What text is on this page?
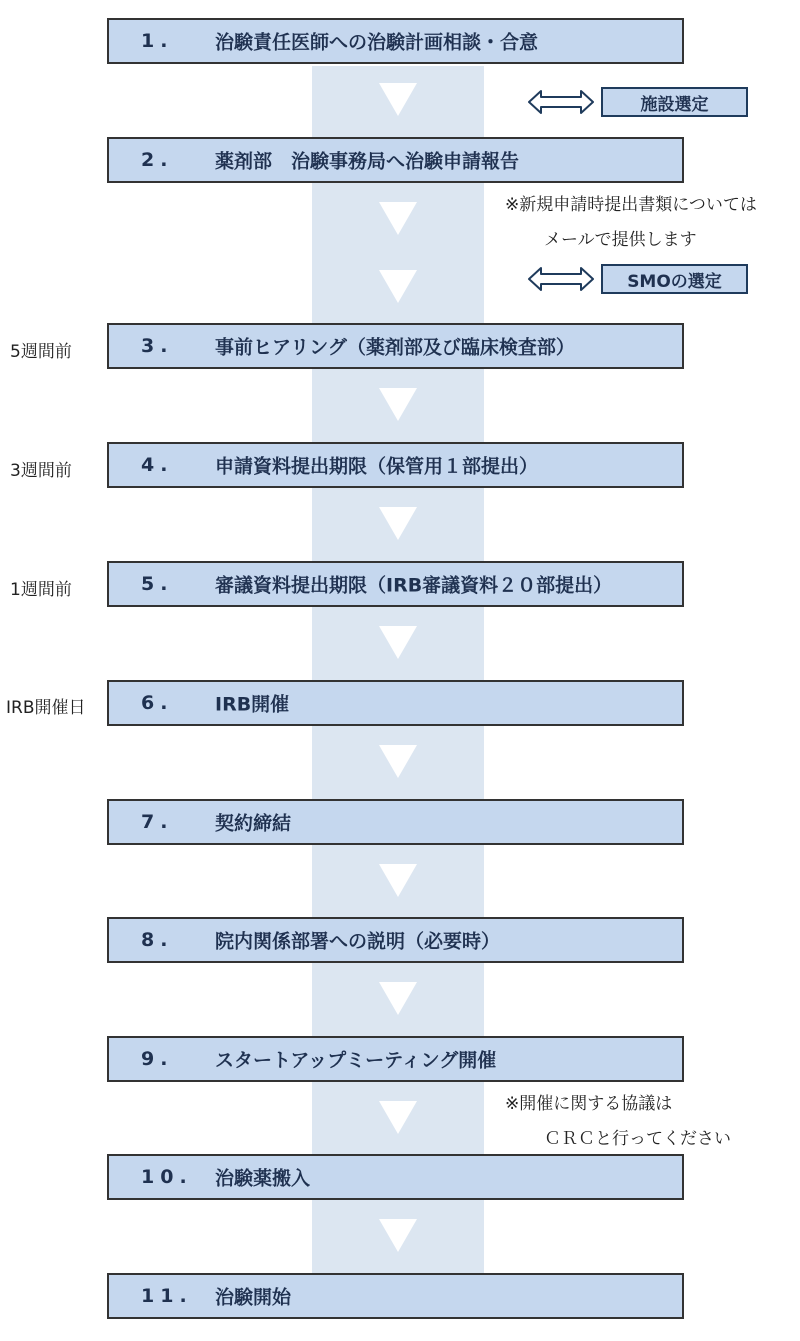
1. 治験責任医師への治験計画相談・合意
2. 薬剤部　治験事務局へ治験申請報告
3. 事前ヒアリング（薬剤部及び臨床検査部）
4. 申請資料提出期限（保管用１部提出）
5. 審議資料提出期限（IRB審議資料２０部提出）
6. IRB開催
7. 契約締結
8. 院内関係部署への説明（必要時）
9. スタートアップミーティング開催
10. 治験薬搬入
11. 治験開始
5週間前
3週間前
1週間前
IRB開催日
施設選定
SMOの選定
※新規申請時提出書類については
メールで提供します
※開催に関する協議は
ＣＲＣと行ってください
